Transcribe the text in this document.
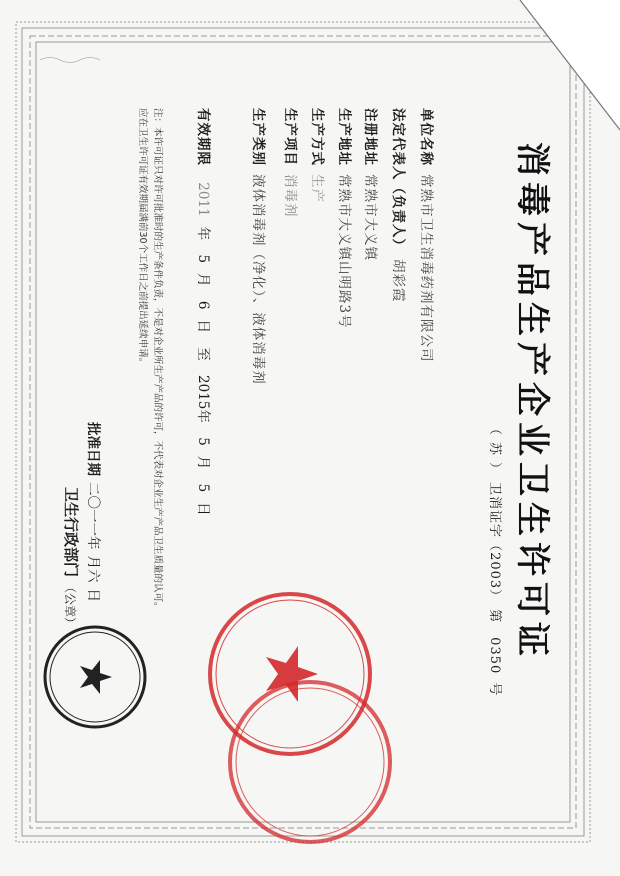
消毒产品生产企业卫生许可证
（苏）卫消证字（2003）第0350号
单位名称常熟市卫生消毒药剂有限公司
法定代表人（负责人）胡彩霞
注册地址常熟市大义镇
生产地址常熟市大义镇山明路3号
生产方式生产
生产项目消毒剂
生产类别液体消毒剂（净化）、液体消毒剂
有效期限 2011年 5月 6日 至 2015年 5月 5日
注：本许可证只对许可批准时的生产条件负责，不是对企业所生产产品的许可，不代表对企业生产产品卫生质量的认可。
应在卫生许可证有效期届满前30个工作日之前提出延续申请。
批准日期二〇一一年月六日
卫生行政部门（公章）
